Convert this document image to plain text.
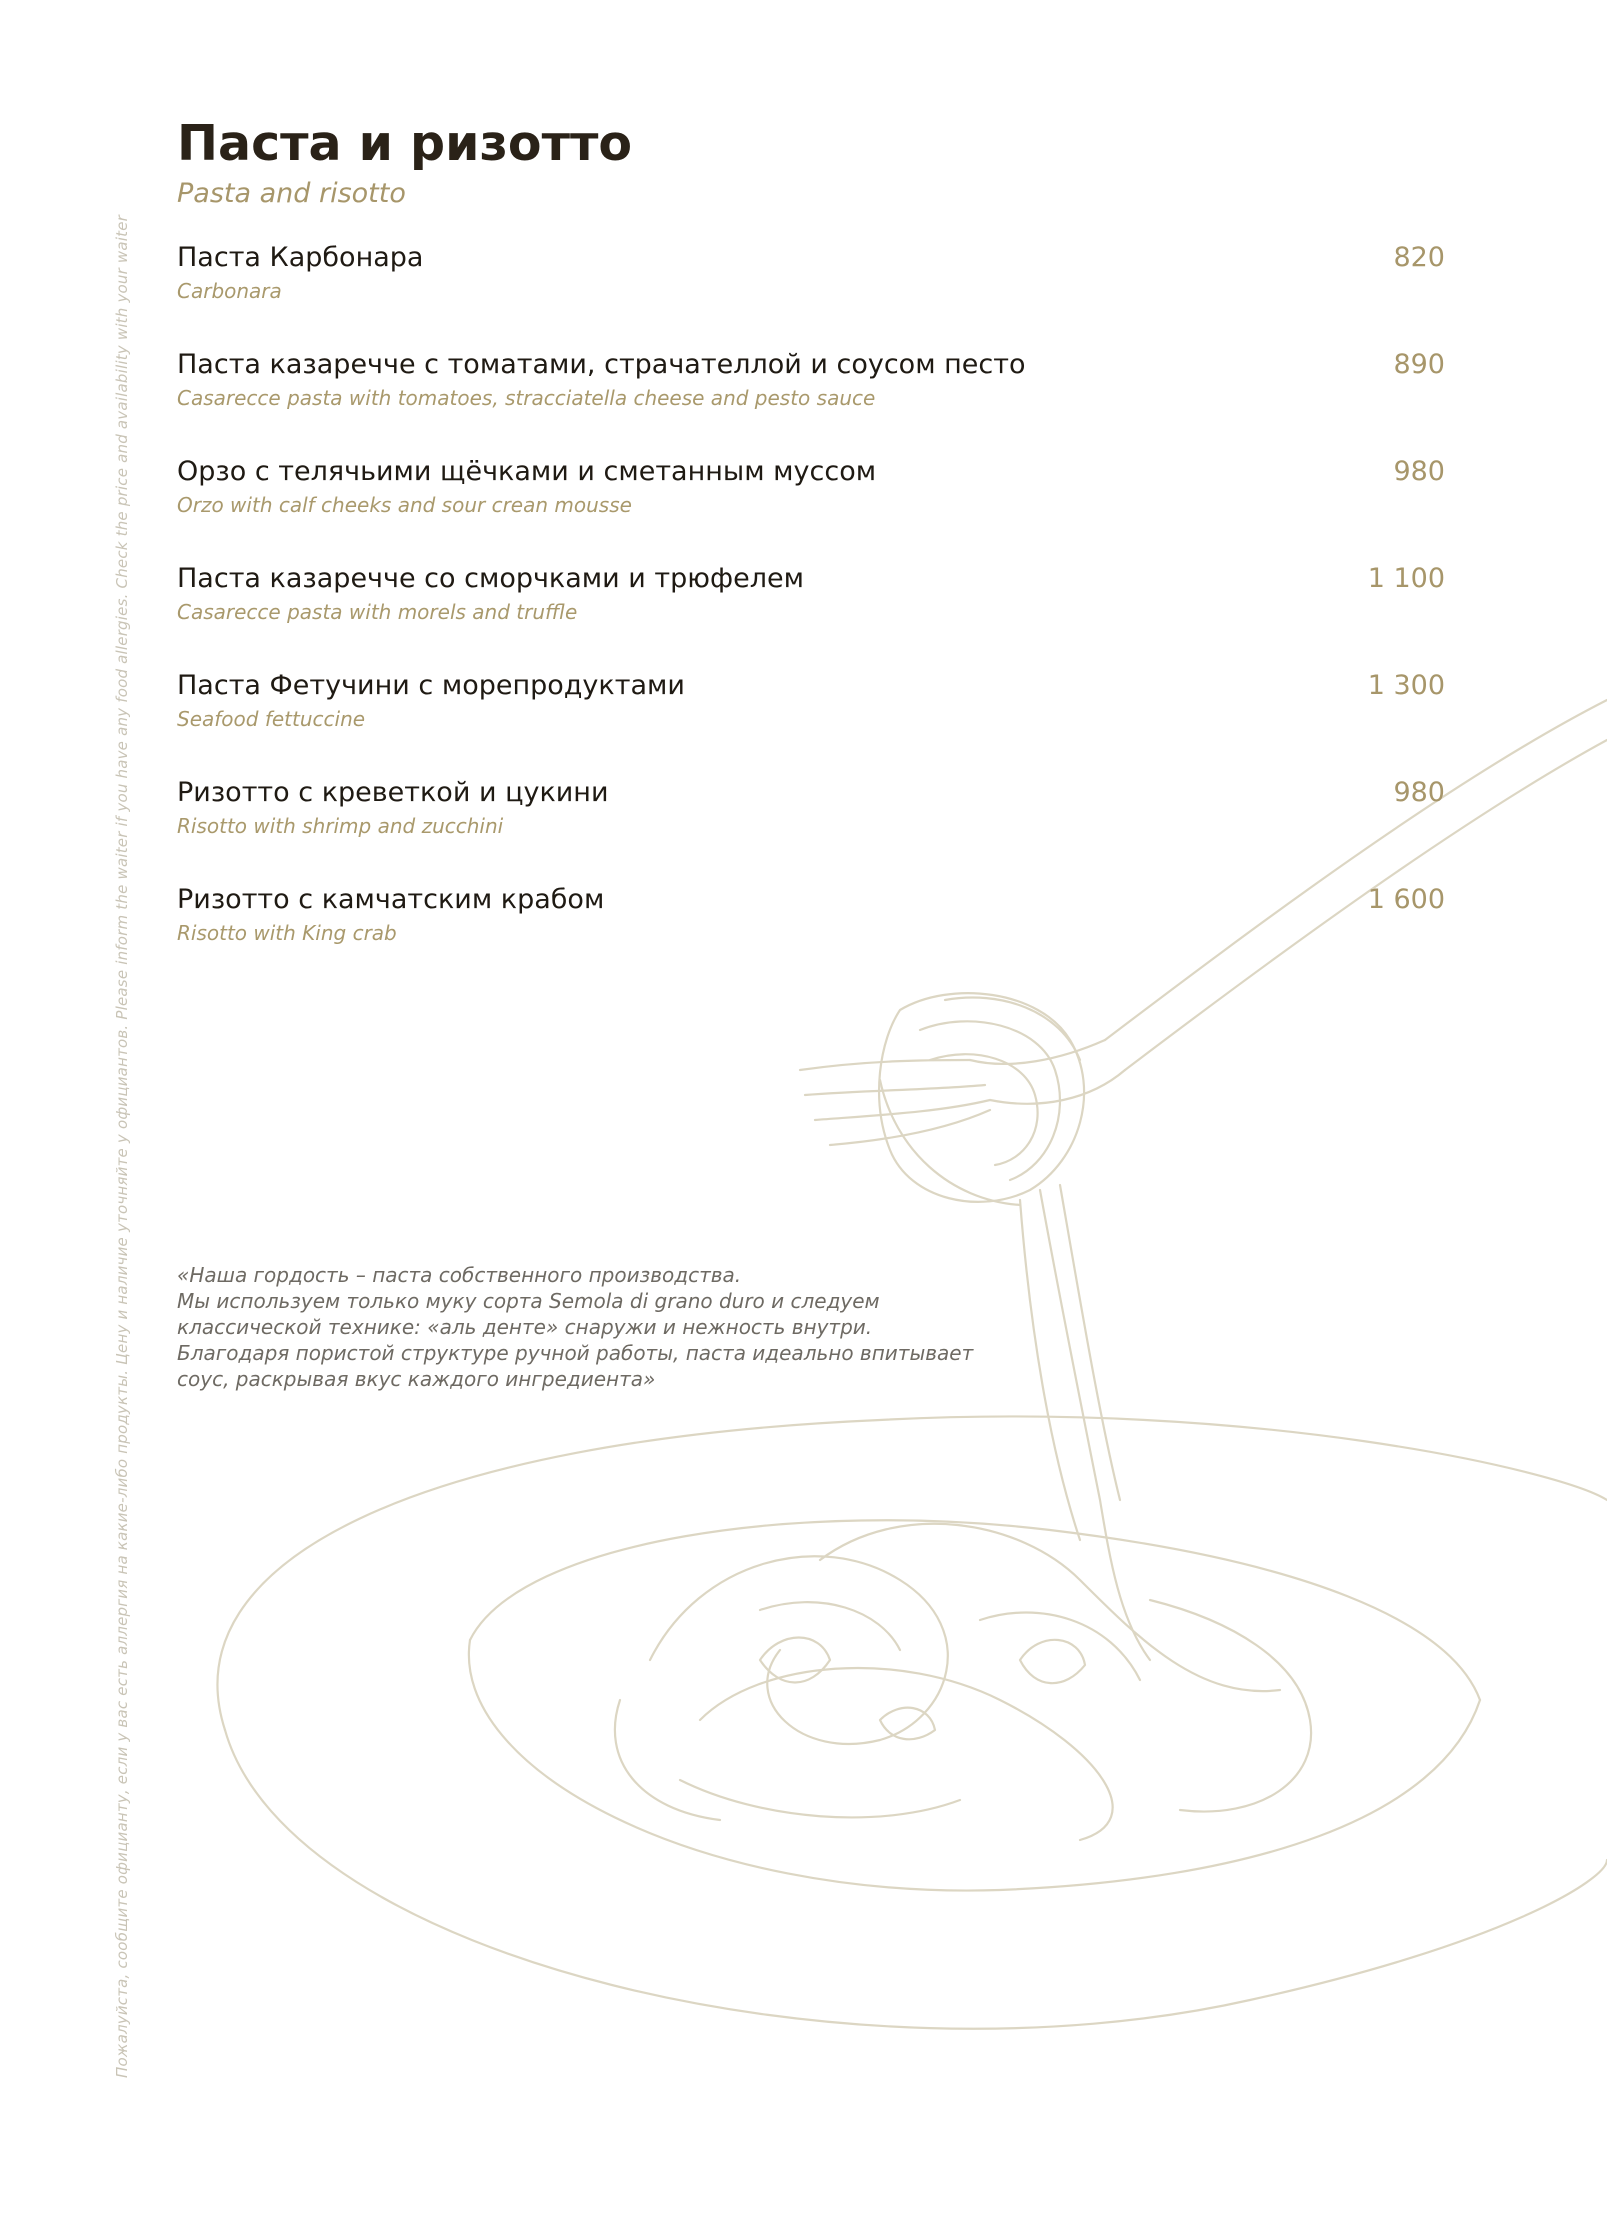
Пожалуйста, сообщите официанту, если у вас есть аллергия на какие-либо продукты. Цену и наличие уточняйте у официантов. Please inform the waiter if you have any food allergies. Check the price and availability with your waiter
Паста и ризотто
Pasta and risotto
Паста Карбонара
Carbonara
820
Паста казаречче с томатами, страчателлой и соусом песто
Casarecce pasta with tomatoes, stracciatella cheese and pesto sauce
890
Орзо с телячьими щёчками и сметанным муссом
Orzo with calf cheeks and sour crean mousse
980
Паста казаречче со сморчками и трюфелем
Casarecce pasta with morels and truffle
1 100
Паста Фетучини с морепродуктами
Seafood fettuccine
1 300
Ризотто с креветкой и цукини
Risotto with shrimp and zucchini
980
Ризотто с камчатским крабом
Risotto with King crab
1 600
«Наша гордость – паста собственного производства.
Мы используем только муку сорта Semola di grano duro и следуем
классической технике: «аль денте» снаружи и нежность внутри.
Благодаря пористой структуре ручной работы, паста идеально впитывает
соус, раскрывая вкус каждого ингредиента»
